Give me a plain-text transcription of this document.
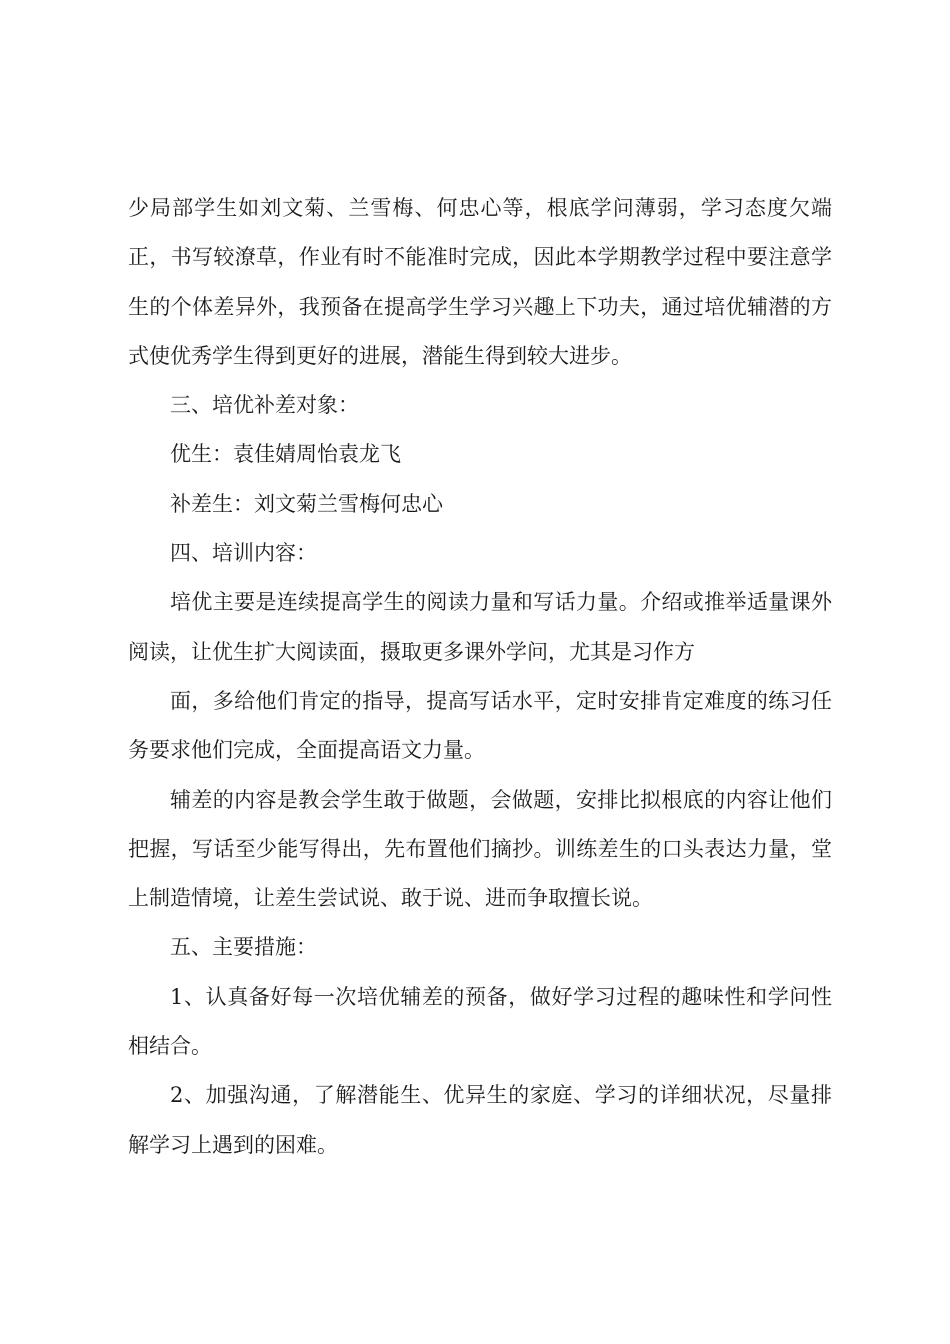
少局部学生如刘文菊、兰雪梅、何忠心等，根底学问薄弱，学习态度欠端正，书写较潦草，作业有时不能准时完成，因此本学期教学过程中要注意学生的个体差异外，我预备在提高学生学习兴趣上下功夫，通过培优辅潜的方式使优秀学生得到更好的进展，潜能生得到较大进步。

三、培优补差对象：

优生：袁佳婧周怡袁龙飞

补差生：刘文菊兰雪梅何忠心

四、培训内容：

培优主要是连续提高学生的阅读力量和写话力量。介绍或推举适量课外阅读，让优生扩大阅读面，摄取更多课外学问，尤其是习作方

面，多给他们肯定的指导，提高写话水平，定时安排肯定难度的练习任务要求他们完成，全面提高语文力量。

辅差的内容是教会学生敢于做题，会做题，安排比拟根底的内容让他们把握，写话至少能写得出，先布置他们摘抄。训练差生的口头表达力量，堂上制造情境，让差生尝试说、敢于说、进而争取擅长说。

五、主要措施：

1、认真备好每一次培优辅差的预备，做好学习过程的趣味性和学问性相结合。

2、加强沟通，了解潜能生、优异生的家庭、学习的详细状况，尽量排解学习上遇到的困难。
